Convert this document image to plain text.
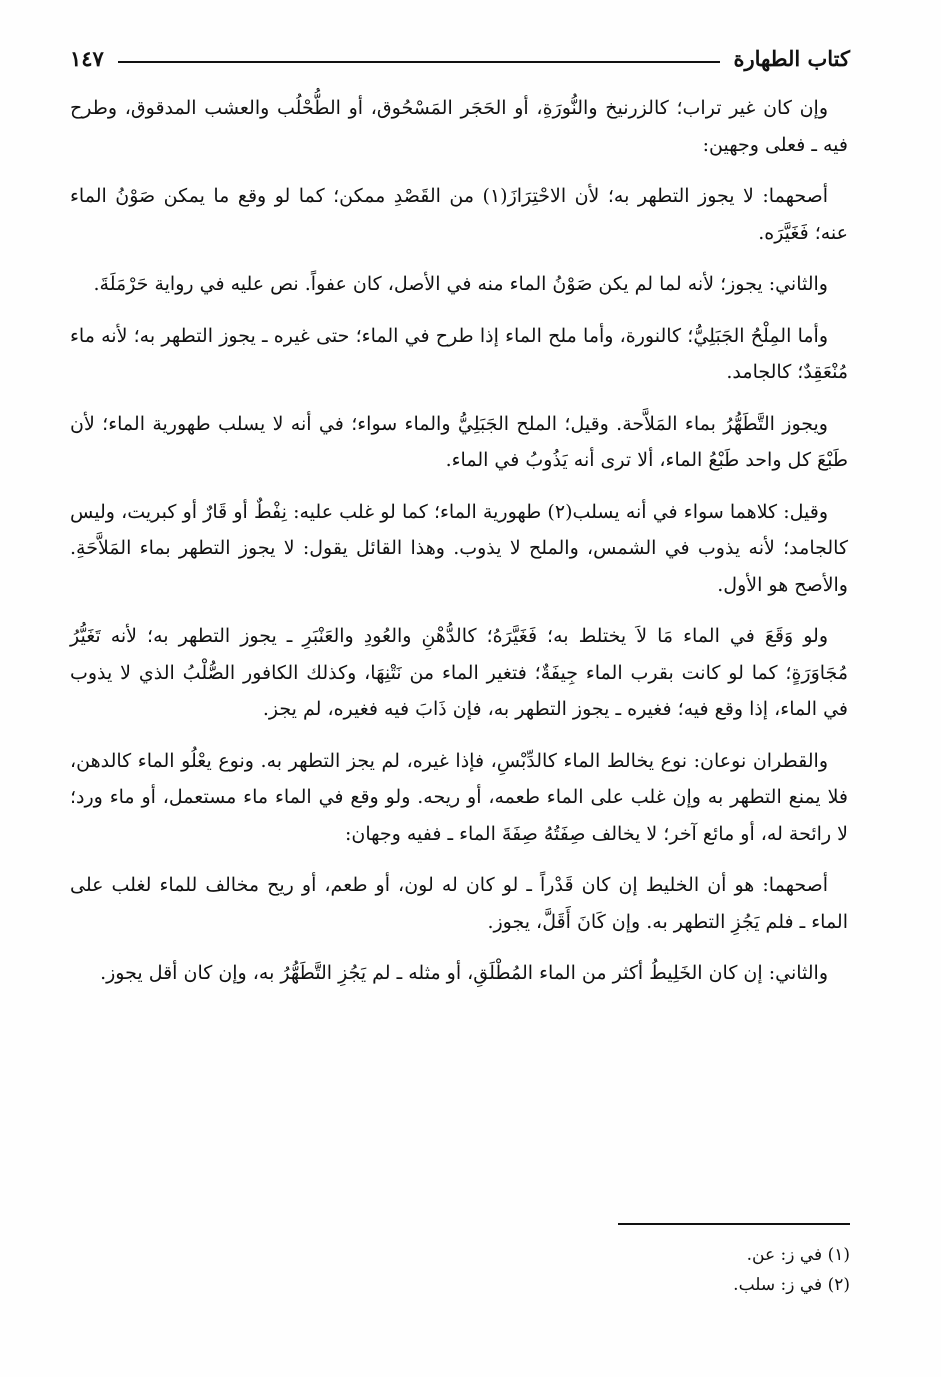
كتاب الطهارة
١٤٧

وإن كان غير تراب؛ كالزرنيخ والنُّورَةِ، أو الحَجَر المَسْحُوق، أو الطُّحْلُب والعشب المدقوق، وطرح فيه ـ فعلى وجهين:

أصحهما: لا يجوز التطهر به؛ لأن الاحْتِرَازَ(١) من القَصْدِ ممكن؛ كما لو وقع ما يمكن صَوْنُ الماء عنه؛ فَغَيَّرَه.

والثاني: يجوز؛ لأنه لما لم يكن صَوْنُ الماء منه في الأصل، كان عفواً. نص عليه في رواية حَرْمَلَةَ.

وأما المِلْحُ الجَبَلِيُّ؛ كالنورة، وأما ملح الماء إذا طرح في الماء؛ حتى غيره ـ يجوز التطهر به؛ لأنه ماء مُنْعَقِدٌ؛ كالجامد.

ويجوز التَّطَهُّرُ بماء المَلاَّحة. وقيل؛ الملح الجَبَلِيُّ والماء سواء؛ في أنه لا يسلب طهورية الماء؛ لأن طَبْعَ كل واحد طَبْعُ الماء، ألا ترى أنه يَذُوبُ في الماء.

وقيل: كلاهما سواء في أنه يسلب(٢) طهورية الماء؛ كما لو غلب عليه: نِفْطٌ أو قَارٌ أو كبريت، وليس كالجامد؛ لأنه يذوب في الشمس، والملح لا يذوب. وهذا القائل يقول: لا يجوز التطهر بماء المَلاَّحَةِ. والأصح هو الأول.

ولو وَقَعَ في الماء مَا لاَ يختلط به؛ فَغَيَّرَهُ؛ كالدُّهْنِ والعُودِ والعَنْبَرِ ـ يجوز التطهر به؛ لأنه تَغَيُّرُ مُجَاوَرَةٍ؛ كما لو كانت بقرب الماء جِيفَةٌ؛ فتغير الماء من نَتْنِهَا، وكذلك الكافور الصُّلْبُ الذي لا يذوب في الماء، إذا وقع فيه؛ فغيره ـ يجوز التطهر به، فإن ذَابَ فيه فغيره، لم يجز.

والقطران نوعان: نوع يخالط الماء كالدِّبْسِ، فإذا غيره، لم يجز التطهر به. ونوع يعْلُو الماء كالدهن، فلا يمنع التطهر به وإن غلب على الماء طعمه، أو ريحه. ولو وقع في الماء ماء مستعمل، أو ماء ورد؛ لا رائحة له، أو مائع آخر؛ لا يخالف صِفَتُهُ صِفَةَ الماء ـ ففيه وجهان:

أصحهما: هو أن الخليط إن كان قَدْراً ـ لو كان له لون، أو طعم، أو ريح مخالف للماء لغلب على الماء ـ فلم يَجُزِ التطهر به. وإن كَانَ أَقَلَّ، يجوز.

والثاني: إن كان الخَلِيطُ أكثر من الماء المُطْلَقِ، أو مثله ـ لم يَجُزِ التَّطَهُّرُ به، وإن كان أقل يجوز.

(١) في ز: عن.

(٢) في ز: سلب.
